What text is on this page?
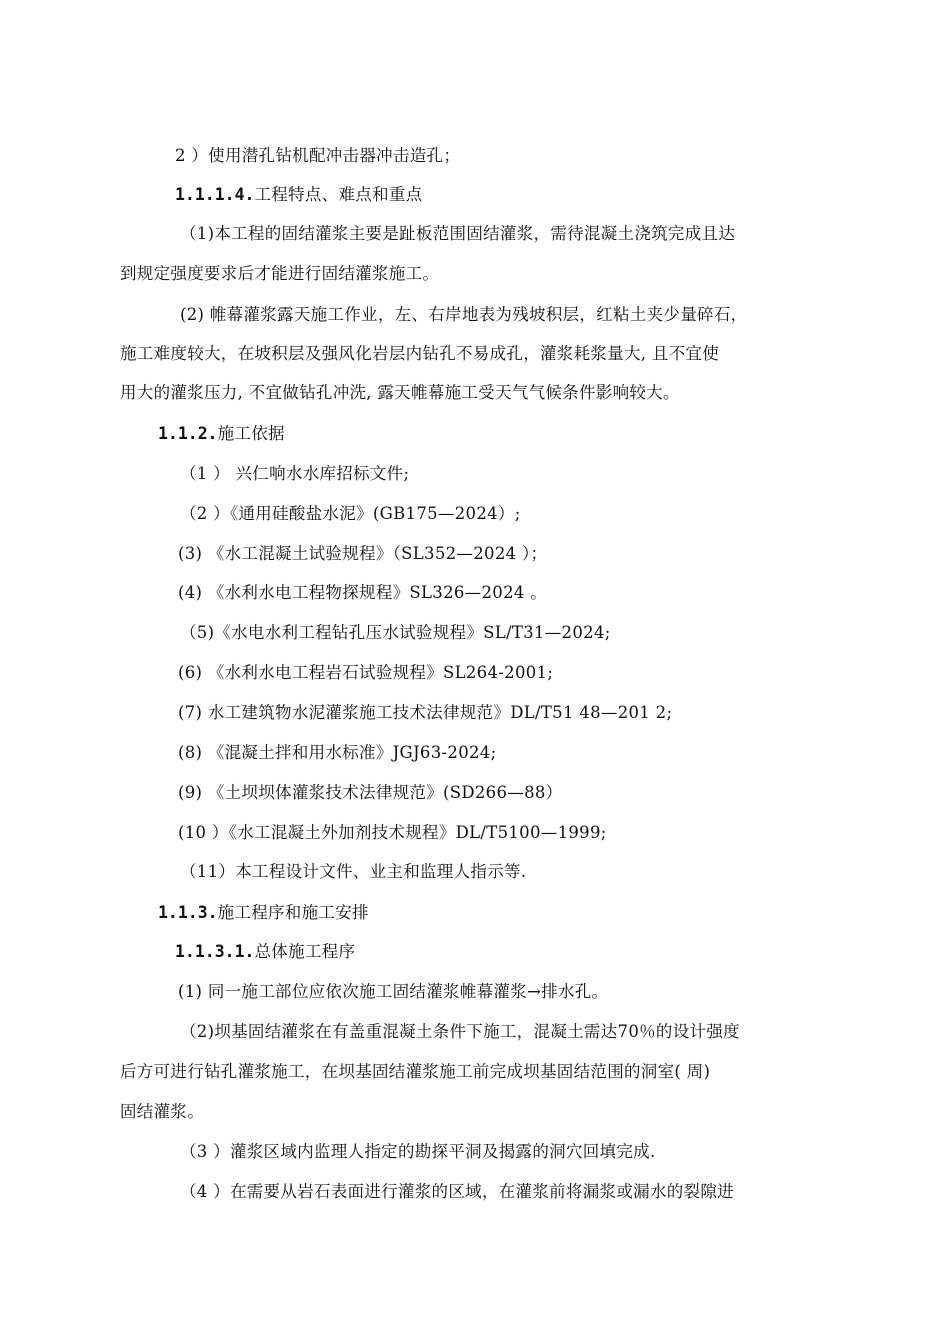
2 ）使用潜孔钻机配冲击器冲击造孔；
1.1.1.4.工程特点、难点和重点
（1)本工程的固结灌浆主要是趾板范围固结灌浆，需待混凝土浇筑完成且达
到规定强度要求后才能进行固结灌浆施工。
(2) 帷幕灌浆露天施工作业，左、右岸地表为残坡积层，红粘土夹少量碎石，
施工难度较大，在坡积层及强风化岩层内钻孔不易成孔，灌浆耗浆量大, 且不宜使
用大的灌浆压力, 不宜做钻孔冲洗, 露天帷幕施工受天气气候条件影响较大。
1.1.2.施工依据
（1 ） 兴仁响水水库招标文件;
（2 ）《通用硅酸盐水泥》(GB175—2024）;
(3) 《水工混凝土试验规程》（SL352—2024 ）；
(4) 《水利水电工程物探规程》SL326—2024 。
（5)《水电水利工程钻孔压水试验规程》SL/T31—2024;
(6) 《水利水电工程岩石试验规程》SL264-2001;
(7) 水工建筑物水泥灌浆施工技术法律规范》DL/T51 48—201 2;
(8) 《混凝土拌和用水标准》JGJ63-2024;
(9) 《土坝坝体灌浆技术法律规范》(SD266—88）
(10 ）《水工混凝土外加剂技术规程》DL/T5100—1999;
（11）本工程设计文件、业主和监理人指示等.
1.1.3.施工程序和施工安排
1.1.3.1.总体施工程序
(1) 同一施工部位应依次施工固结灌浆帷幕灌浆→排水孔。
（2)坝基固结灌浆在有盖重混凝土条件下施工，混凝土需达70％的设计强度
后方可进行钻孔灌浆施工，在坝基固结灌浆施工前完成坝基固结范围的洞室( 周)
固结灌浆。
（3 ）灌浆区域内监理人指定的勘探平洞及揭露的洞穴回填完成.
（4 ）在需要从岩石表面进行灌浆的区域，在灌浆前将漏浆或漏水的裂隙进
